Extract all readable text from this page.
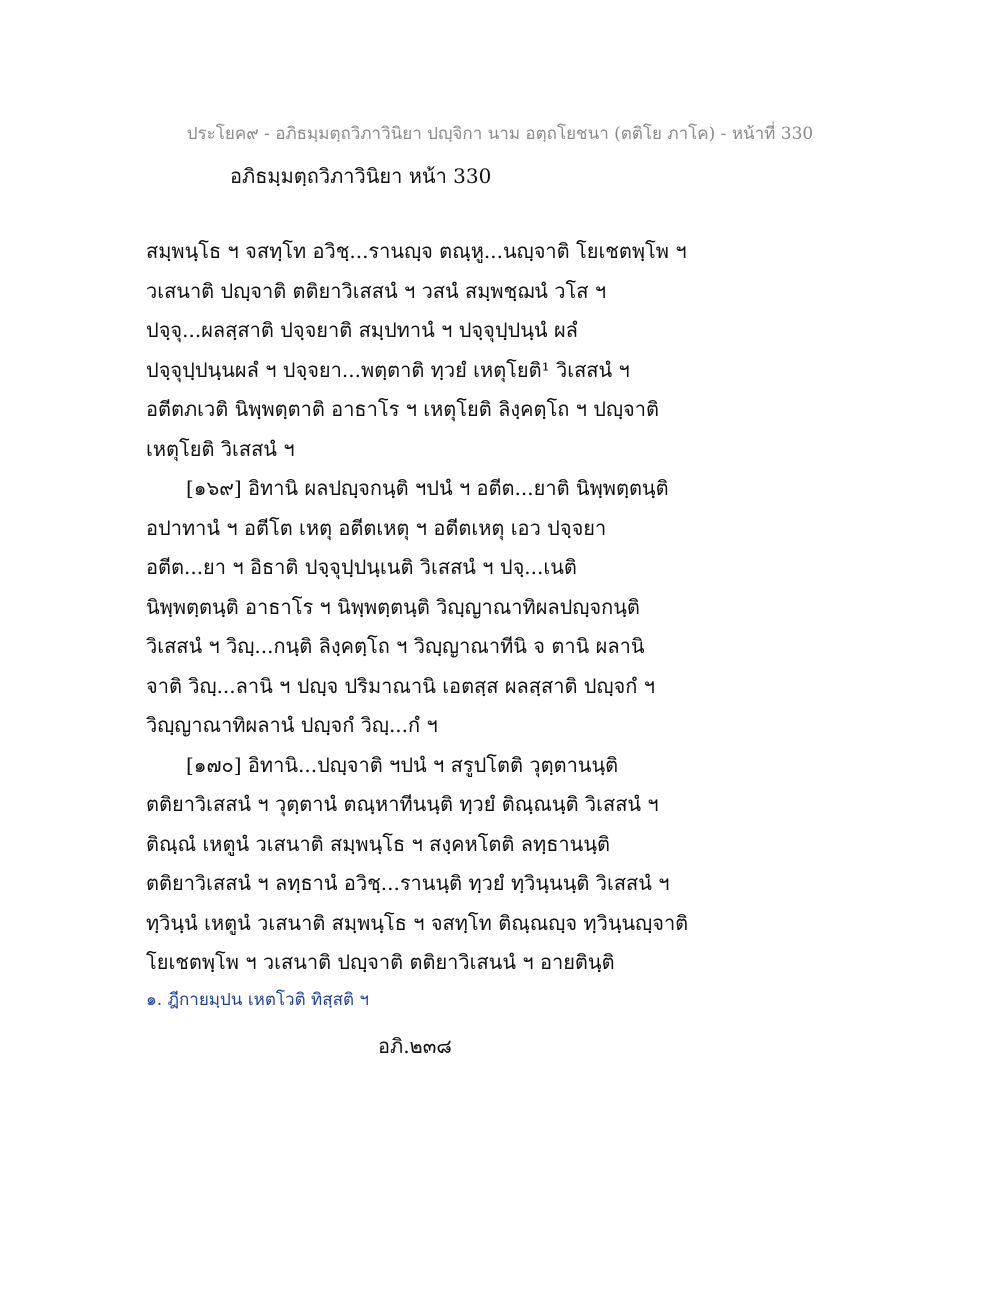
ประโยค๙ - อภิธมฺมตฺถวิภาวินิยา ปญฺจิกา นาม อตฺถโยชนา (ตติโย ภาโค) - หน้าที่ 330
อภิธมฺมตฺถวิภาวินิยา หน้า 330
สมฺพนฺโธ ฯ จสทฺโท อวิชฺ...รานญฺจ ตณฺหู...นญฺจาติ โยเชตพฺโพ ฯ
วเสนาติ ปญฺจาติ ตติยาวิเสสนํ ฯ วสนํ สมฺพชฺฌนํ วโส ฯ
ปจฺจุ...ผลสฺสาติ ปจฺจยาติ สมฺปทานํ ฯ ปจฺจุปฺปนฺนํ ผลํ
ปจฺจุปฺปนฺนผลํ ฯ ปจฺจยา...พตฺตาติ ทฺวยํ เหตุโยติ¹ วิเสสนํ ฯ
อตีตภเวติ นิพฺพตฺตาติ อาธาโร ฯ เหตุโยติ ลิงฺคตฺโถ ฯ ปญฺจาติ
เหตุโยติ วิเสสนํ ฯ
[๑๖๙] อิทานิ ผลปญฺจกนฺติ ฯปนํ ฯ อตีต...ยาติ นิพฺพตฺตนฺติ
อปาทานํ ฯ อตีโต เหตุ อตีตเหตุ ฯ อตีตเหตุ เอว ปจฺจยา
อตีต...ยา ฯ อิธาติ ปจฺจุปฺปนฺเนติ วิเสสนํ ฯ ปจฺ...เนติ
นิพฺพตฺตนฺติ อาธาโร ฯ นิพฺพตฺตนฺติ วิญฺญาณาทิผลปญฺจกนฺติ
วิเสสนํ ฯ วิญฺ...กนฺติ ลิงฺคตฺโถ ฯ วิญฺญาณาทีนิ จ ตานิ ผลานิ
จาติ วิญฺ...ลานิ ฯ ปญฺจ ปริมาณานิ เอตสฺส ผลสฺสาติ ปญฺจกํ ฯ
วิญฺญาณาทิผลานํ ปญฺจกํ วิญฺ...กํ ฯ
[๑๗๐] อิทานิ...ปญฺจาติ ฯปนํ ฯ สรูปโตติ วุตฺตานนฺติ
ตติยาวิเสสนํ ฯ วุตฺตานํ ตณฺหาทีนนฺติ ทฺวยํ ติณฺณนฺติ วิเสสนํ ฯ
ติณฺณํ เหตูนํ วเสนาติ สมฺพนฺโธ ฯ สงฺคหโตติ ลทฺธานนฺติ
ตติยาวิเสสนํ ฯ ลทฺธานํ อวิชฺ...รานนฺติ ทฺวยํ ทฺวินฺนนฺติ วิเสสนํ ฯ
ทฺวินฺนํ เหตูนํ วเสนาติ สมฺพนฺโธ ฯ จสทฺโท ติณฺณญฺจ ทฺวินฺนญฺจาติ
โยเชตพฺโพ ฯ วเสนาติ ปญฺจาติ ตติยาวิเสนนํ ฯ อายตินฺติ
๑. ฎีกายมฺปน เหตโวติ ทิสฺสติ ฯ
อภิ.๒๓๘
